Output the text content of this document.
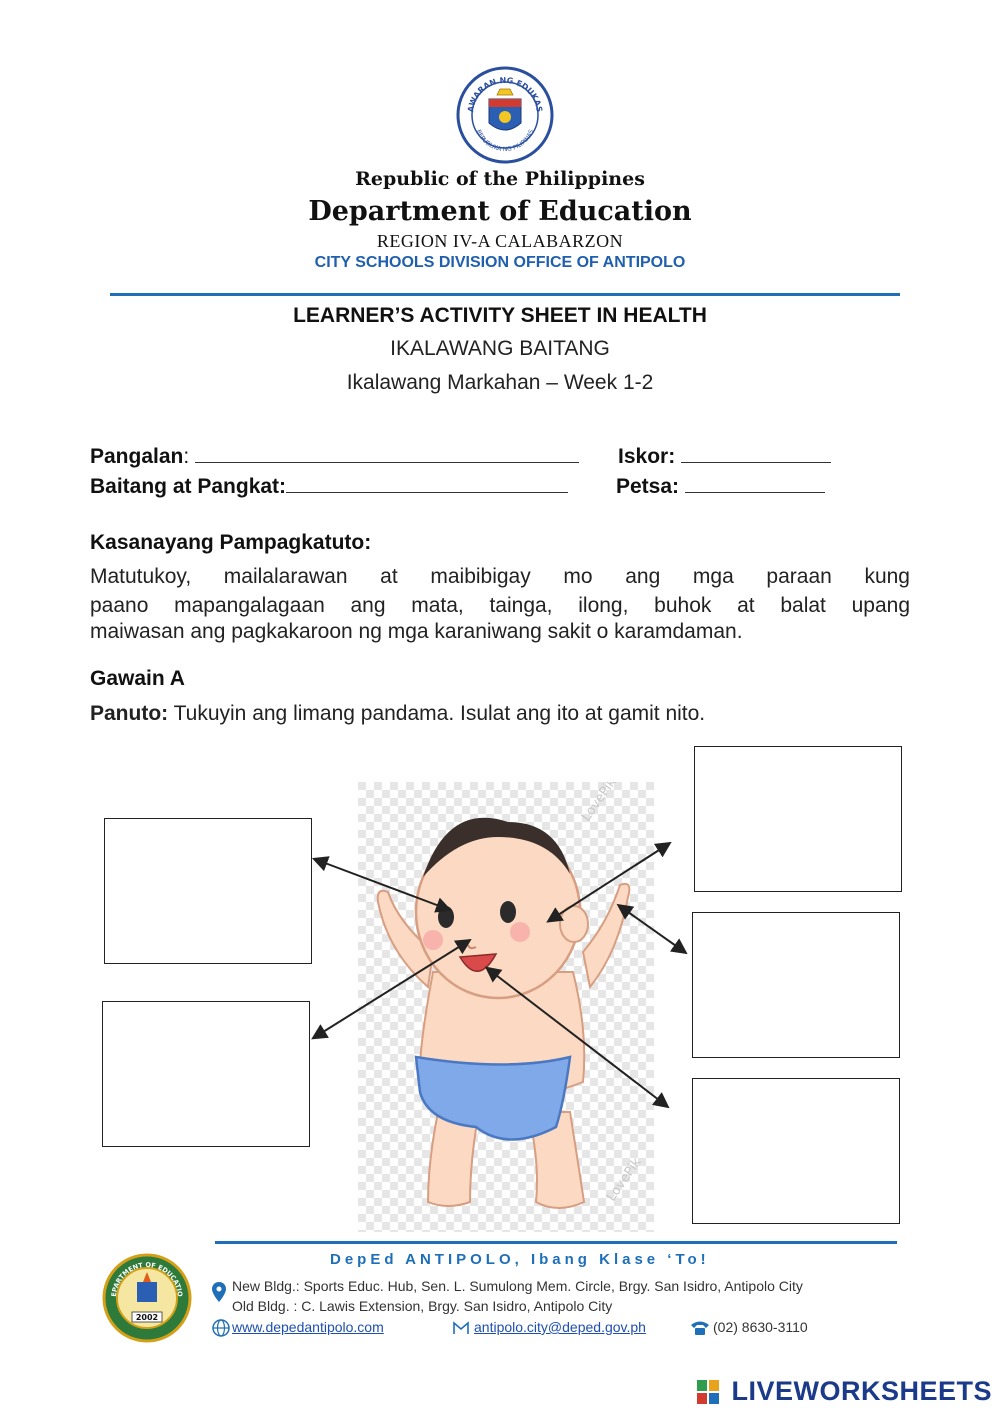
AWARAN NG EDUKAS
REPUBLIKA NG PILIPINAS
Republic of the Philippines
Department of Education
REGION IV-A CALABARZON
CITY SCHOOLS DIVISION OFFICE OF ANTIPOLO
LEARNER’S ACTIVITY SHEET IN HEALTH
IKALAWANG BAITANG
Ikalawang Markahan – Week 1-2
Pangalan:	Iskor:
Baitang at Pangkat:	Petsa:
Kasanayang Pampagkatuto:
Matutukoy, mailalarawan at maibibigay mo ang mga paraan kung
paano mapangalagaan ang mata, tainga, ilong, buhok at balat upang
maiwasan ang pagkakaroon ng mga karaniwang sakit o karamdaman.
Gawain A
Panuto: Tukuyin ang limang pandama. Isulat ang ito at gamit nito.
LovePik
LovePik
DepEd ANTIPOLO, Ibang Klase ‘To!
EPARTMENT OF EDUCATIO
2002
New Bldg.: Sports Educ. Hub, Sen. L. Sumulong Mem. Circle, Brgy. San Isidro, Antipolo City
Old Bldg. : C. Lawis Extension, Brgy. San Isidro, Antipolo City
www.depedantipolo.com	antipolo.city@deped.gov.ph	(02) 8630-3110
LIVEWORKSHEETS
